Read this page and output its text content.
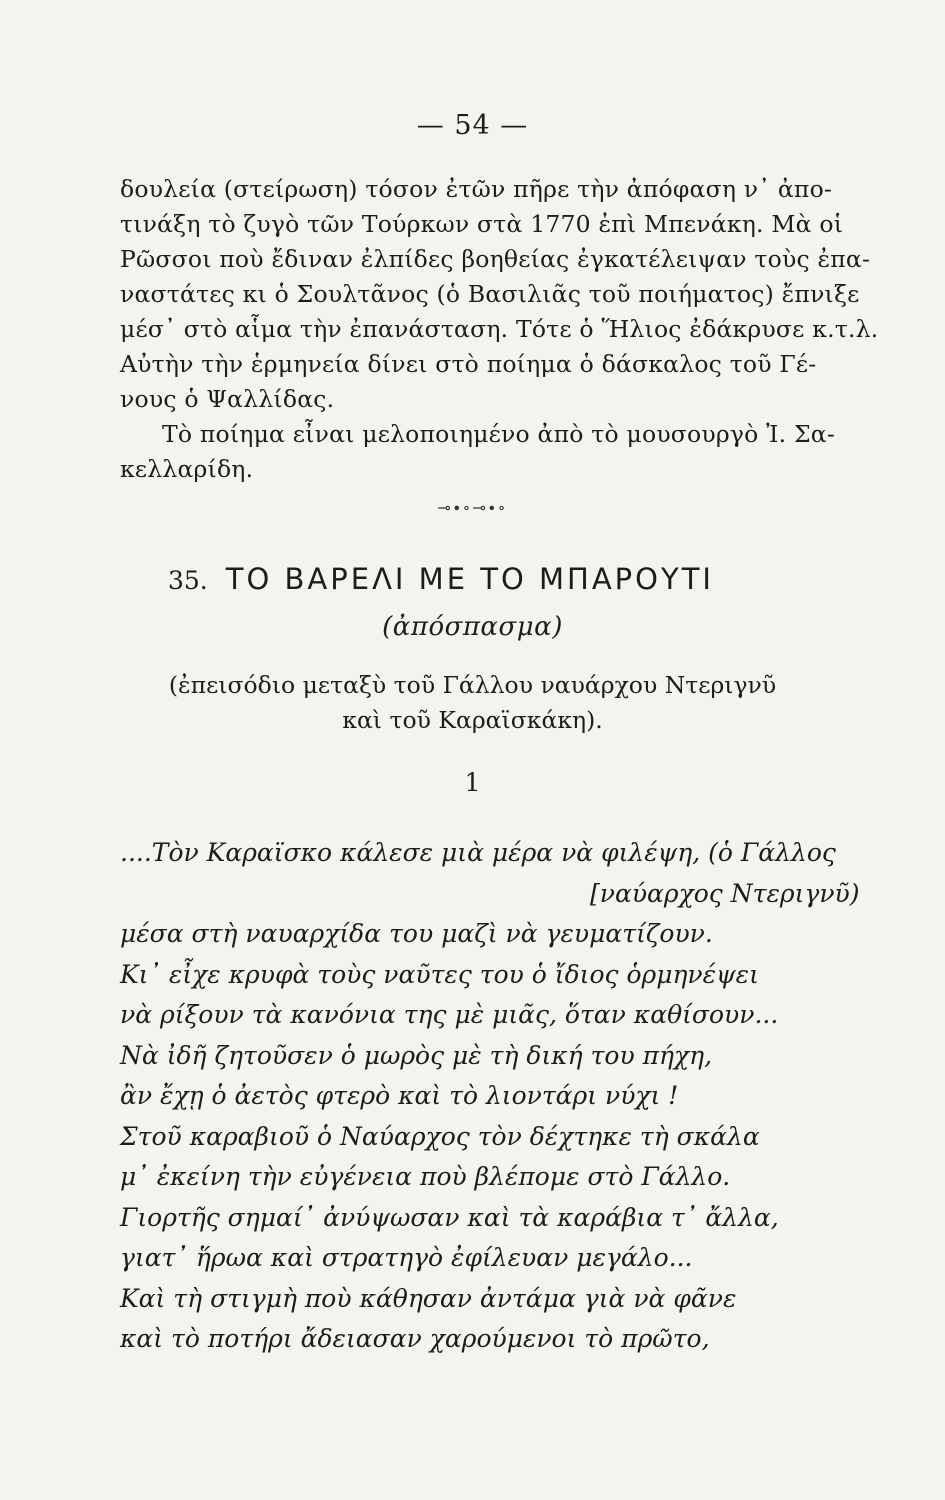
— 54 —

δουλεία (στείρωση) τόσον ἐτῶν πῆρε τὴν ἀπόφαση ν᾿ ἀπο-

τινάξη τὸ ζυγὸ τῶν Τούρκων στὰ 1770 ἐπὶ Μπενάκη. Μὰ οἱ

Ρῶσσοι ποὺ ἔδιναν ἐλπίδες βοηθείας ἐγκατέλειψαν τοὺς ἐπα-

ναστάτες κι ὁ Σουλτᾶνος (ὁ Βασιλιᾶς τοῦ ποιήματος) ἔπνιξε

μέσ᾿ στὸ αἷμα τὴν ἐπανάσταση. Τότε ὁ Ἥλιος ἐδάκρυσε κ.τ.λ.

Αὐτὴν τὴν ἑρμηνεία δίνει στὸ ποίημα ὁ δάσκαλος τοῦ Γέ-

νους ὁ Ψαλλίδας.

Τὸ ποίημα εἶναι μελοποιημένο ἀπὸ τὸ μουσουργὸ Ἰ. Σα-

κελλαρίδη.

⊸∙∘⊸∙∘
35. ΤΟ ΒΑΡΕΛΙ ΜΕ ΤΟ ΜΠΑΡΟΥΤΙ
(ἀπόσπασμα)
(ἐπεισόδιο μεταξὺ τοῦ Γάλλου ναυάρχου Ντεριγνῦ
καὶ τοῦ Καραϊσκάκη).
1
....Τὸν Καραϊσκο κάλεσε μιὰ μέρα νὰ φιλέψη, (ὁ Γάλλος
[ναύαρχος Ντεριγνῦ)
μέσα στὴ ναυαρχίδα του μαζὶ νὰ γευματίζουν.
Κι᾿ εἶχε κρυφὰ τοὺς ναῦτες του ὁ ἴδιος ὁρμηνέψει
νὰ ρίξουν τὰ κανόνια της μὲ μιᾶς, ὅταν καθίσουν...
Νὰ ἰδῆ ζητοῦσεν ὁ μωρὸς μὲ τὴ δική του πήχη,
ἂν ἔχῃ ὁ ἀετὸς φτερὸ καὶ τὸ λιοντάρι νύχι !
Στοῦ καραβιοῦ ὁ Ναύαρχος τὸν δέχτηκε τὴ σκάλα
μ᾿ ἐκείνη τὴν εὐγένεια ποὺ βλέπομε στὸ Γάλλο.
Γιορτῆς σημαί᾿ ἀνύψωσαν καὶ τὰ καράβια τ᾿ ἄλλα,
γιατ᾿ ἥρωα καὶ στρατηγὸ ἐφίλευαν μεγάλο...
Καὶ τὴ στιγμὴ ποὺ κάθησαν ἀντάμα γιὰ νὰ φᾶνε
καὶ τὸ ποτήρι ἄδειασαν χαρούμενοι τὸ πρῶτο,
